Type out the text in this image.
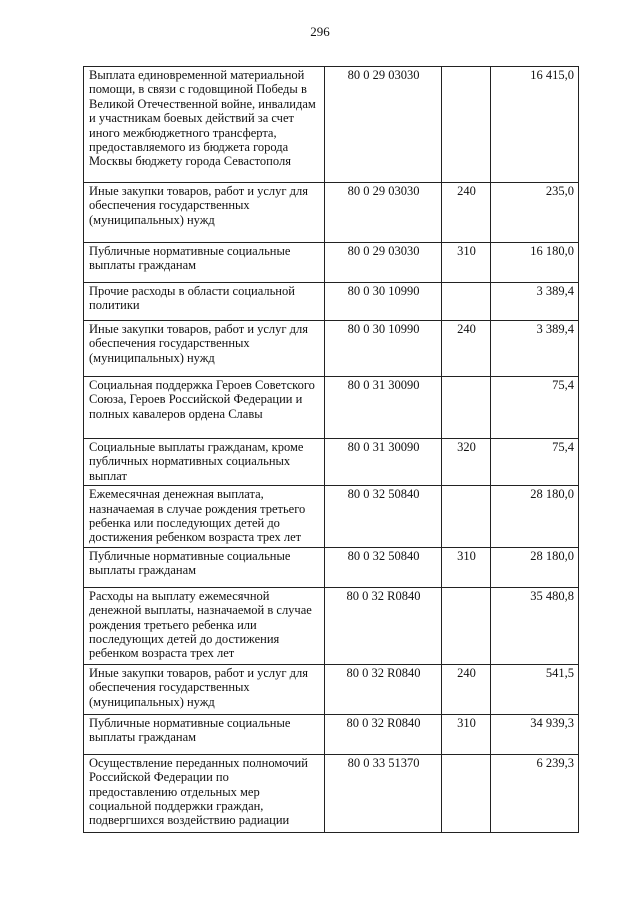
296
Выплата единовременной материальной помощи, в связи с годовщиной Победы в Великой Отечественной войне, инвалидам и участникам боевых действий за счет иного межбюджетного трансферта, предоставляемого из бюджета города Москвы бюджету города Севастополя	80 0 29 03030		16 415,0
Иные закупки товаров, работ и услуг для обеспечения государственных (муниципальных) нужд	80 0 29 03030	240	235,0
Публичные нормативные социальные выплаты гражданам	80 0 29 03030	310	16 180,0
Прочие расходы в области социальной политики	80 0 30 10990		3 389,4
Иные закупки товаров, работ и услуг для обеспечения государственных (муниципальных) нужд	80 0 30 10990	240	3 389,4
Социальная поддержка Героев Советского Союза, Героев Российской Федерации и полных кавалеров ордена Славы	80 0 31 30090		75,4
Социальные выплаты гражданам, кроме публичных нормативных социальных выплат	80 0 31 30090	320	75,4
Ежемесячная денежная выплата, назначаемая в случае рождения третьего ребенка или последующих детей до достижения ребенком возраста трех лет	80 0 32 50840		28 180,0
Публичные нормативные социальные выплаты гражданам	80 0 32 50840	310	28 180,0
Расходы на выплату ежемесячной денежной выплаты, назначаемой в случае рождения третьего ребенка или последующих детей до достижения ребенком возраста трех лет	80 0 32 R0840		35 480,8
Иные закупки товаров, работ и услуг для обеспечения государственных (муниципальных) нужд	80 0 32 R0840	240	541,5
Публичные нормативные социальные выплаты гражданам	80 0 32 R0840	310	34 939,3
Осуществление переданных полномочий Российской Федерации по предоставлению отдельных мер социальной поддержки граждан, подвергшихся воздействию радиации	80 0 33 51370		6 239,3
